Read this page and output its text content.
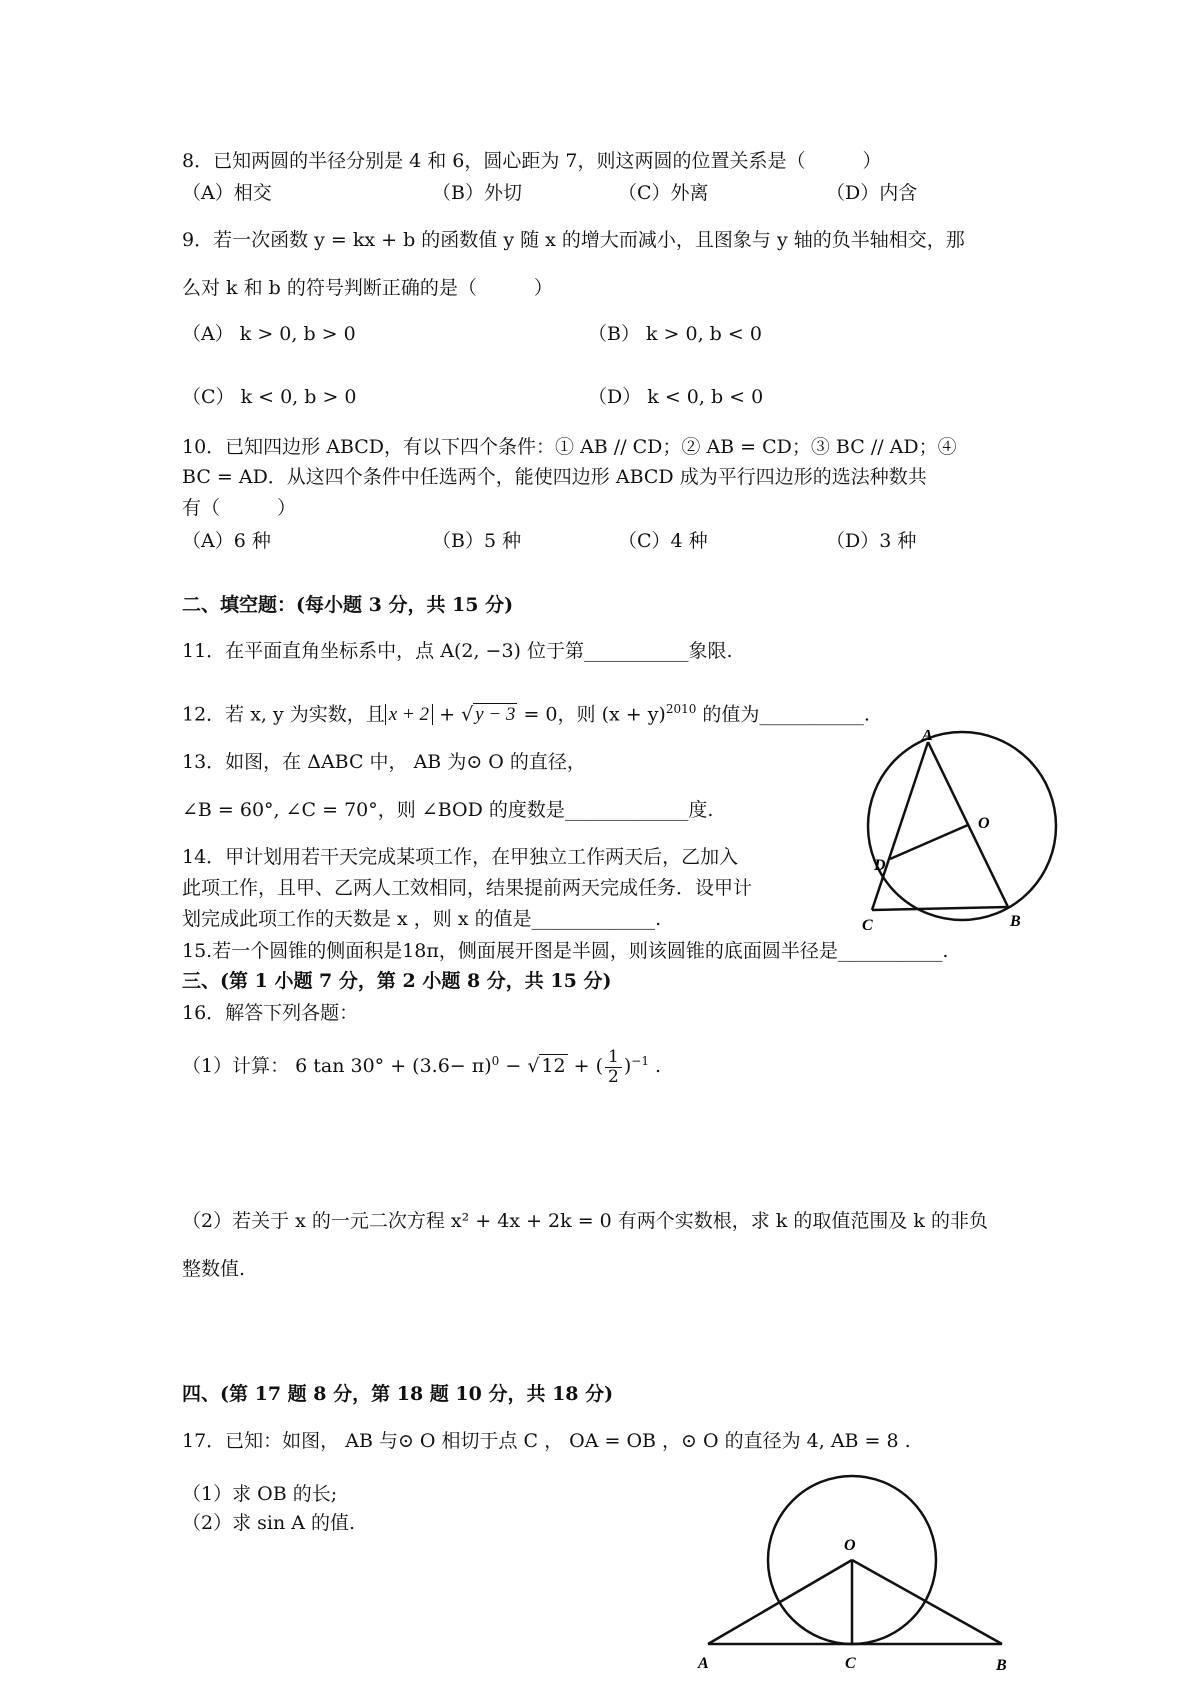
8．已知两圆的半径分别是 4 和 6，圆心距为 7，则这两圆的位置关系是（　　　）
（A）相交	（B）外切	（C）外离	（D）内含
9．若一次函数 y = kx + b 的函数值 y 随 x 的增大而减小，且图象与 y 轴的负半轴相交，那
么对 k 和 b 的符号判断正确的是（　　　）
（A） k > 0, b > 0	（B） k > 0, b < 0
（C） k < 0, b > 0	（D） k < 0, b < 0
10．已知四边形 ABCD，有以下四个条件：① AB // CD；② AB = CD；③ BC // AD；④
BC = AD．从这四个条件中任选两个，能使四边形 ABCD 成为平行四边形的选法种数共
有（　　　）
（A）6 种	（B）5 种	（C）4 种	（D）3 种
二、填空题：(每小题 3 分，共 15 分)
11．在平面直角坐标系中，点 A(2, −3) 位于第___________象限.
12．若 x, y 为实数，且 x + 2 + √ y − 3 = 0，则 $(x + y)^{2010}$ 的值为___________.
13．如图，在 ΔABC 中， AB 为⊙ O 的直径，
∠B = 60°, ∠C = 70°，则 ∠BOD 的度数是_____________度.
A
O
D
C	B
14．甲计划用若干天完成某项工作，在甲独立工作两天后，乙加入
此项工作，且甲、乙两人工效相同，结果提前两天完成任务．设甲计
划完成此项工作的天数是 x ，则 x 的值是_____________.
15.若一个圆锥的侧面积是18π，侧面展开图是半圆，则该圆锥的底面圆半径是___________.
三、(第 1 小题 7 分，第 2 小题 8 分，共 15 分)
16．解答下列各题：
（1）计算： 6 $\tan 30^\circ + (3.6- \pi)^0$ − √ 12 + ( $\frac{1}{2} )^{-1}$ .
（2）若关于 x 的一元二次方程 x² + 4x + 2k = 0 有两个实数根，求 k 的取值范围及 k 的非负
整数值.
四、(第 17 题 8 分，第 18 题 10 分，共 18 分)
17．已知：如图， AB 与⊙ O 相切于点 C ， OA = OB ，⊙ O 的直径为 4, AB = 8 .
（1）求 OB 的长;
（2）求 sin A 的值.
O
A	C	B
